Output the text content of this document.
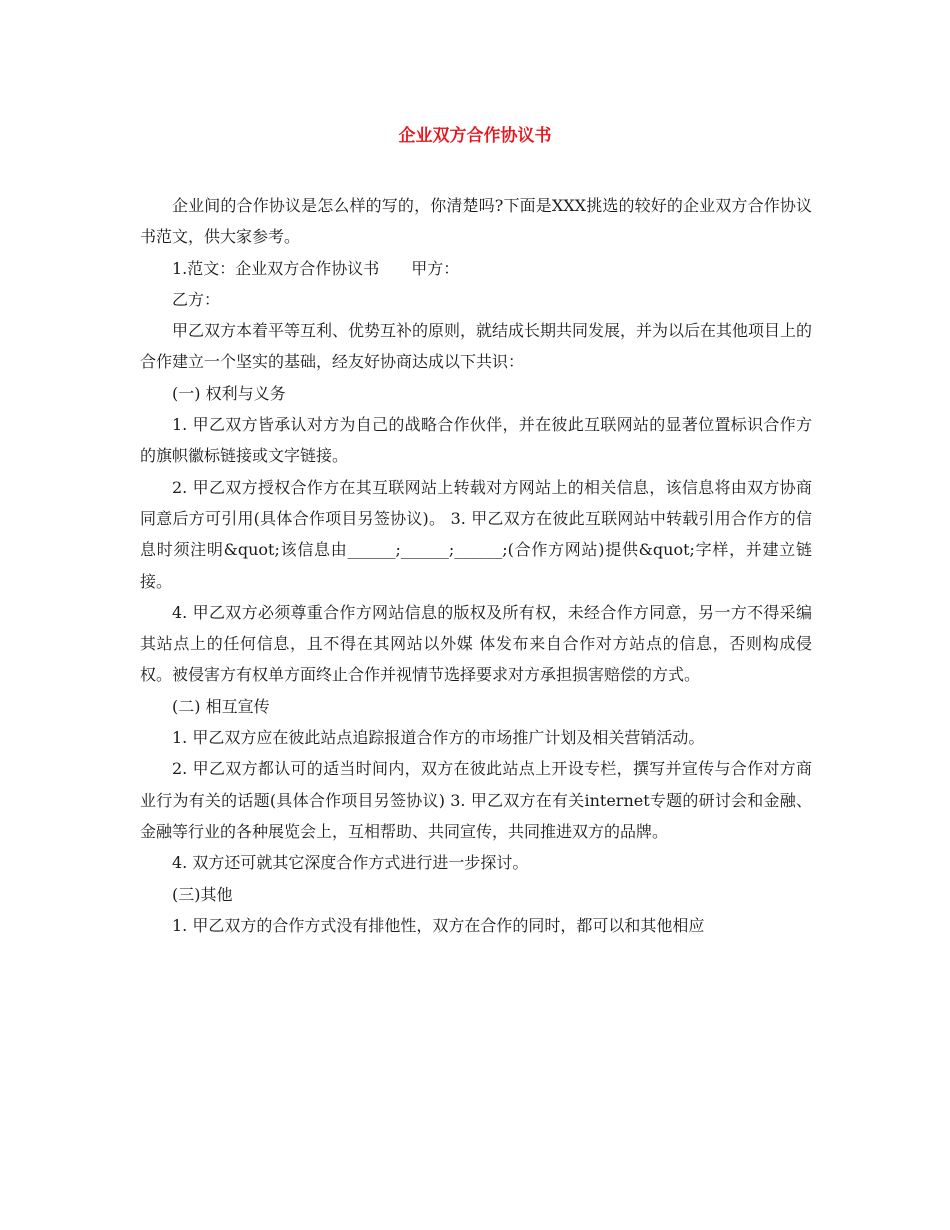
企业双方合作协议书

企业间的合作协议是怎么样的写的，你清楚吗?下面是XXX挑选的较好的企业双方合作协议书范文，供大家参考。

1.范文：企业双方合作协议书　　甲方：

乙方：

甲乙双方本着平等互利、优势互补的原则，就结成长期共同发展，并为以后在其他项目上的合作建立一个坚实的基础，经友好协商达成以下共识：

(一) 权利与义务

1. 甲乙双方皆承认对方为自己的战略合作伙伴，并在彼此互联网站的显著位置标识合作方的旗帜徽标链接或文字链接。

2. 甲乙双方授权合作方在其互联网站上转载对方网站上的相关信息，该信息将由双方协商同意后方可引用(具体合作项目另签协议)。 3. 甲乙双方在彼此互联网站中转载引用合作方的信息时须注明&quot;该信息由______;______;______;(合作方网站)提供&quot;字样，并建立链接。

4. 甲乙双方必须尊重合作方网站信息的版权及所有权，未经合作方同意，另一方不得采编其站点上的任何信息，且不得在其网站以外媒 体发布来自合作对方站点的信息，否则构成侵权。被侵害方有权单方面终止合作并视情节选择要求对方承担损害赔偿的方式。

(二) 相互宣传

1. 甲乙双方应在彼此站点追踪报道合作方的市场推广计划及相关营销活动。

2. 甲乙双方都认可的适当时间内，双方在彼此站点上开设专栏，撰写并宣传与合作对方商业行为有关的话题(具体合作项目另签协议) 3. 甲乙双方在有关internet专题的研讨会和金融、金融等行业的各种展览会上，互相帮助、共同宣传，共同推进双方的品牌。

4. 双方还可就其它深度合作方式进行进一步探讨。

(三)其他

1. 甲乙双方的合作方式没有排他性，双方在合作的同时，都可以和其他相应
